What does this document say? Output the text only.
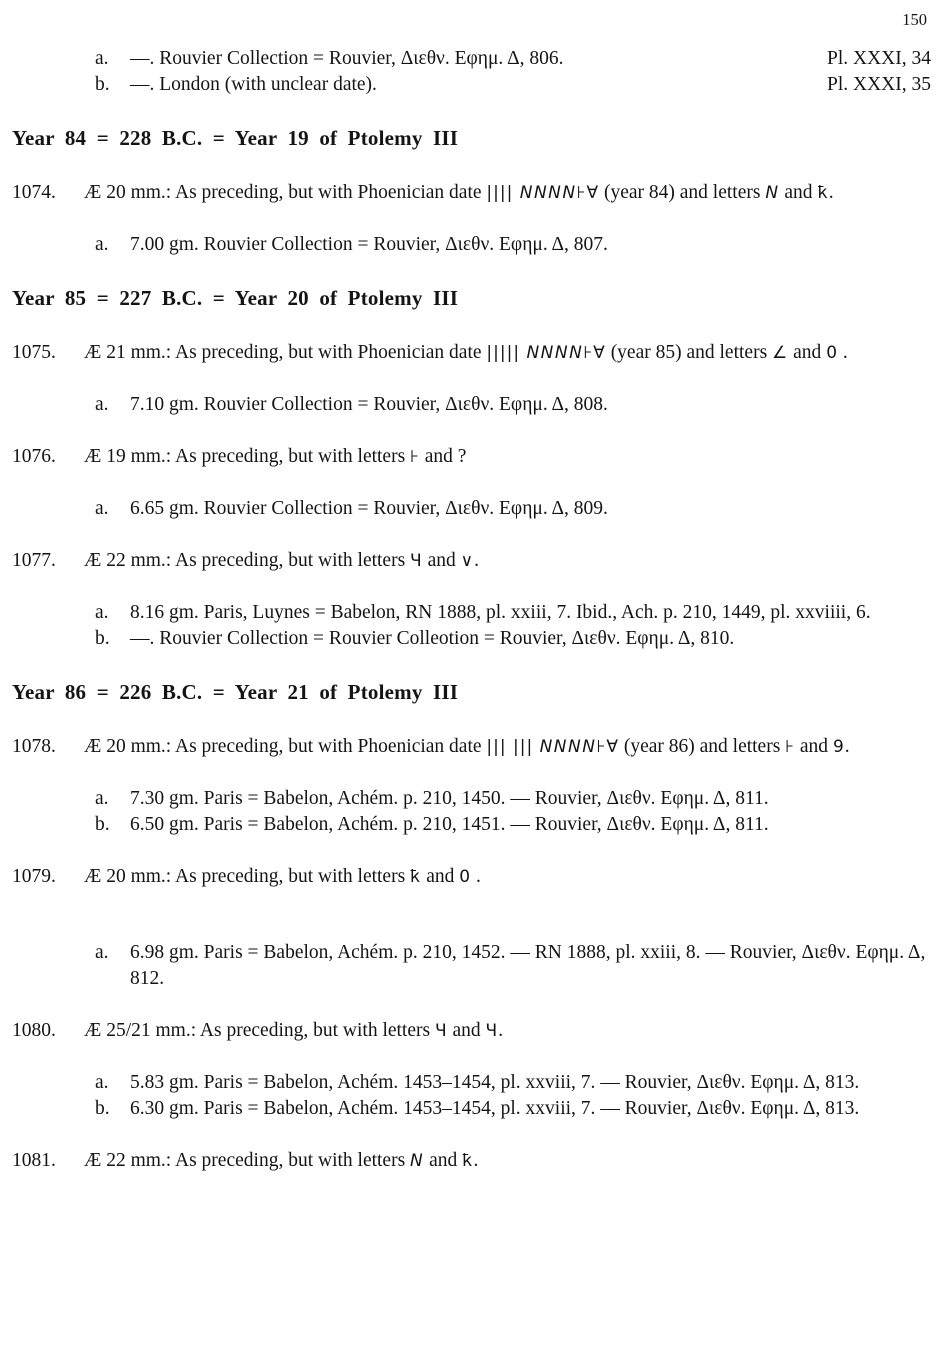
150
a.	—. Rouvier Collection = Rouvier, Διεθν. Εφημ. Δ, 806.	Pl. XXXI, 34
b.	—. London (with unclear date).	Pl. XXXI, 35
Year 84 = 228 B.C. = Year 19 of Ptolemy III
1074.	Æ 20 mm.: As preceding, but with Phoenician date |||| NNNN⊦∀ (year 84) and letters N and ҟ.
a.	7.00 gm. Rouvier Collection = Rouvier, Διεθν. Εφημ. Δ, 807.
Year 85 = 227 B.C. = Year 20 of Ptolemy III
1075.	Æ 21 mm.: As preceding, but with Phoenician date ||||| NNNN⊦∀ (year 85) and letters ∠ and 0 .
a.	7.10 gm. Rouvier Collection = Rouvier, Διεθν. Εφημ. Δ, 808.
1076.	Æ 19 mm.: As preceding, but with letters ⊦ and ?
a.	6.65 gm. Rouvier Collection = Rouvier, Διεθν. Εφημ. Δ, 809.
1077.	Æ 22 mm.: As preceding, but with letters Ч and ∨.
a.	8.16 gm. Paris, Luynes = Babelon, RN 1888, pl. xxiii, 7. Ibid., Ach. p. 210, 1449, pl. xxviiii, 6.
b.	—. Rouvier Collection = Rouvier Colleotion = Rouvier, Διεθν. Εφημ. Δ, 810.
Year 86 = 226 B.C. = Year 21 of Ptolemy III
1078.	Æ 20 mm.: As preceding, but with Phoenician date ||| ||| NNNN⊦∀ (year 86) and letters ⊦ and 9.
a.	7.30 gm. Paris = Babelon, Achém. p. 210, 1450. — Rouvier, Διεθν. Εφημ. Δ, 811.
b.	6.50 gm. Paris = Babelon, Achém. p. 210, 1451. — Rouvier, Διεθν. Εφημ. Δ, 811.
1079.	Æ 20 mm.: As preceding, but with letters ҟ and 0 .
a.	6.98 gm. Paris = Babelon, Achém. p. 210, 1452. — RN 1888, pl. xxiii, 8. — Rouvier, Διεθν. Εφημ. Δ, 812.
1080.	Æ 25/21 mm.: As preceding, but with letters Ч and Ч.
a.	5.83 gm. Paris = Babelon, Achém. 1453–1454, pl. xxviii, 7. — Rouvier, Διεθν. Εφημ. Δ, 813.
b.	6.30 gm. Paris = Babelon, Achém. 1453–1454, pl. xxviii, 7. — Rouvier, Διεθν. Εφημ. Δ, 813.
1081.	Æ 22 mm.: As preceding, but with letters N and ҟ.
